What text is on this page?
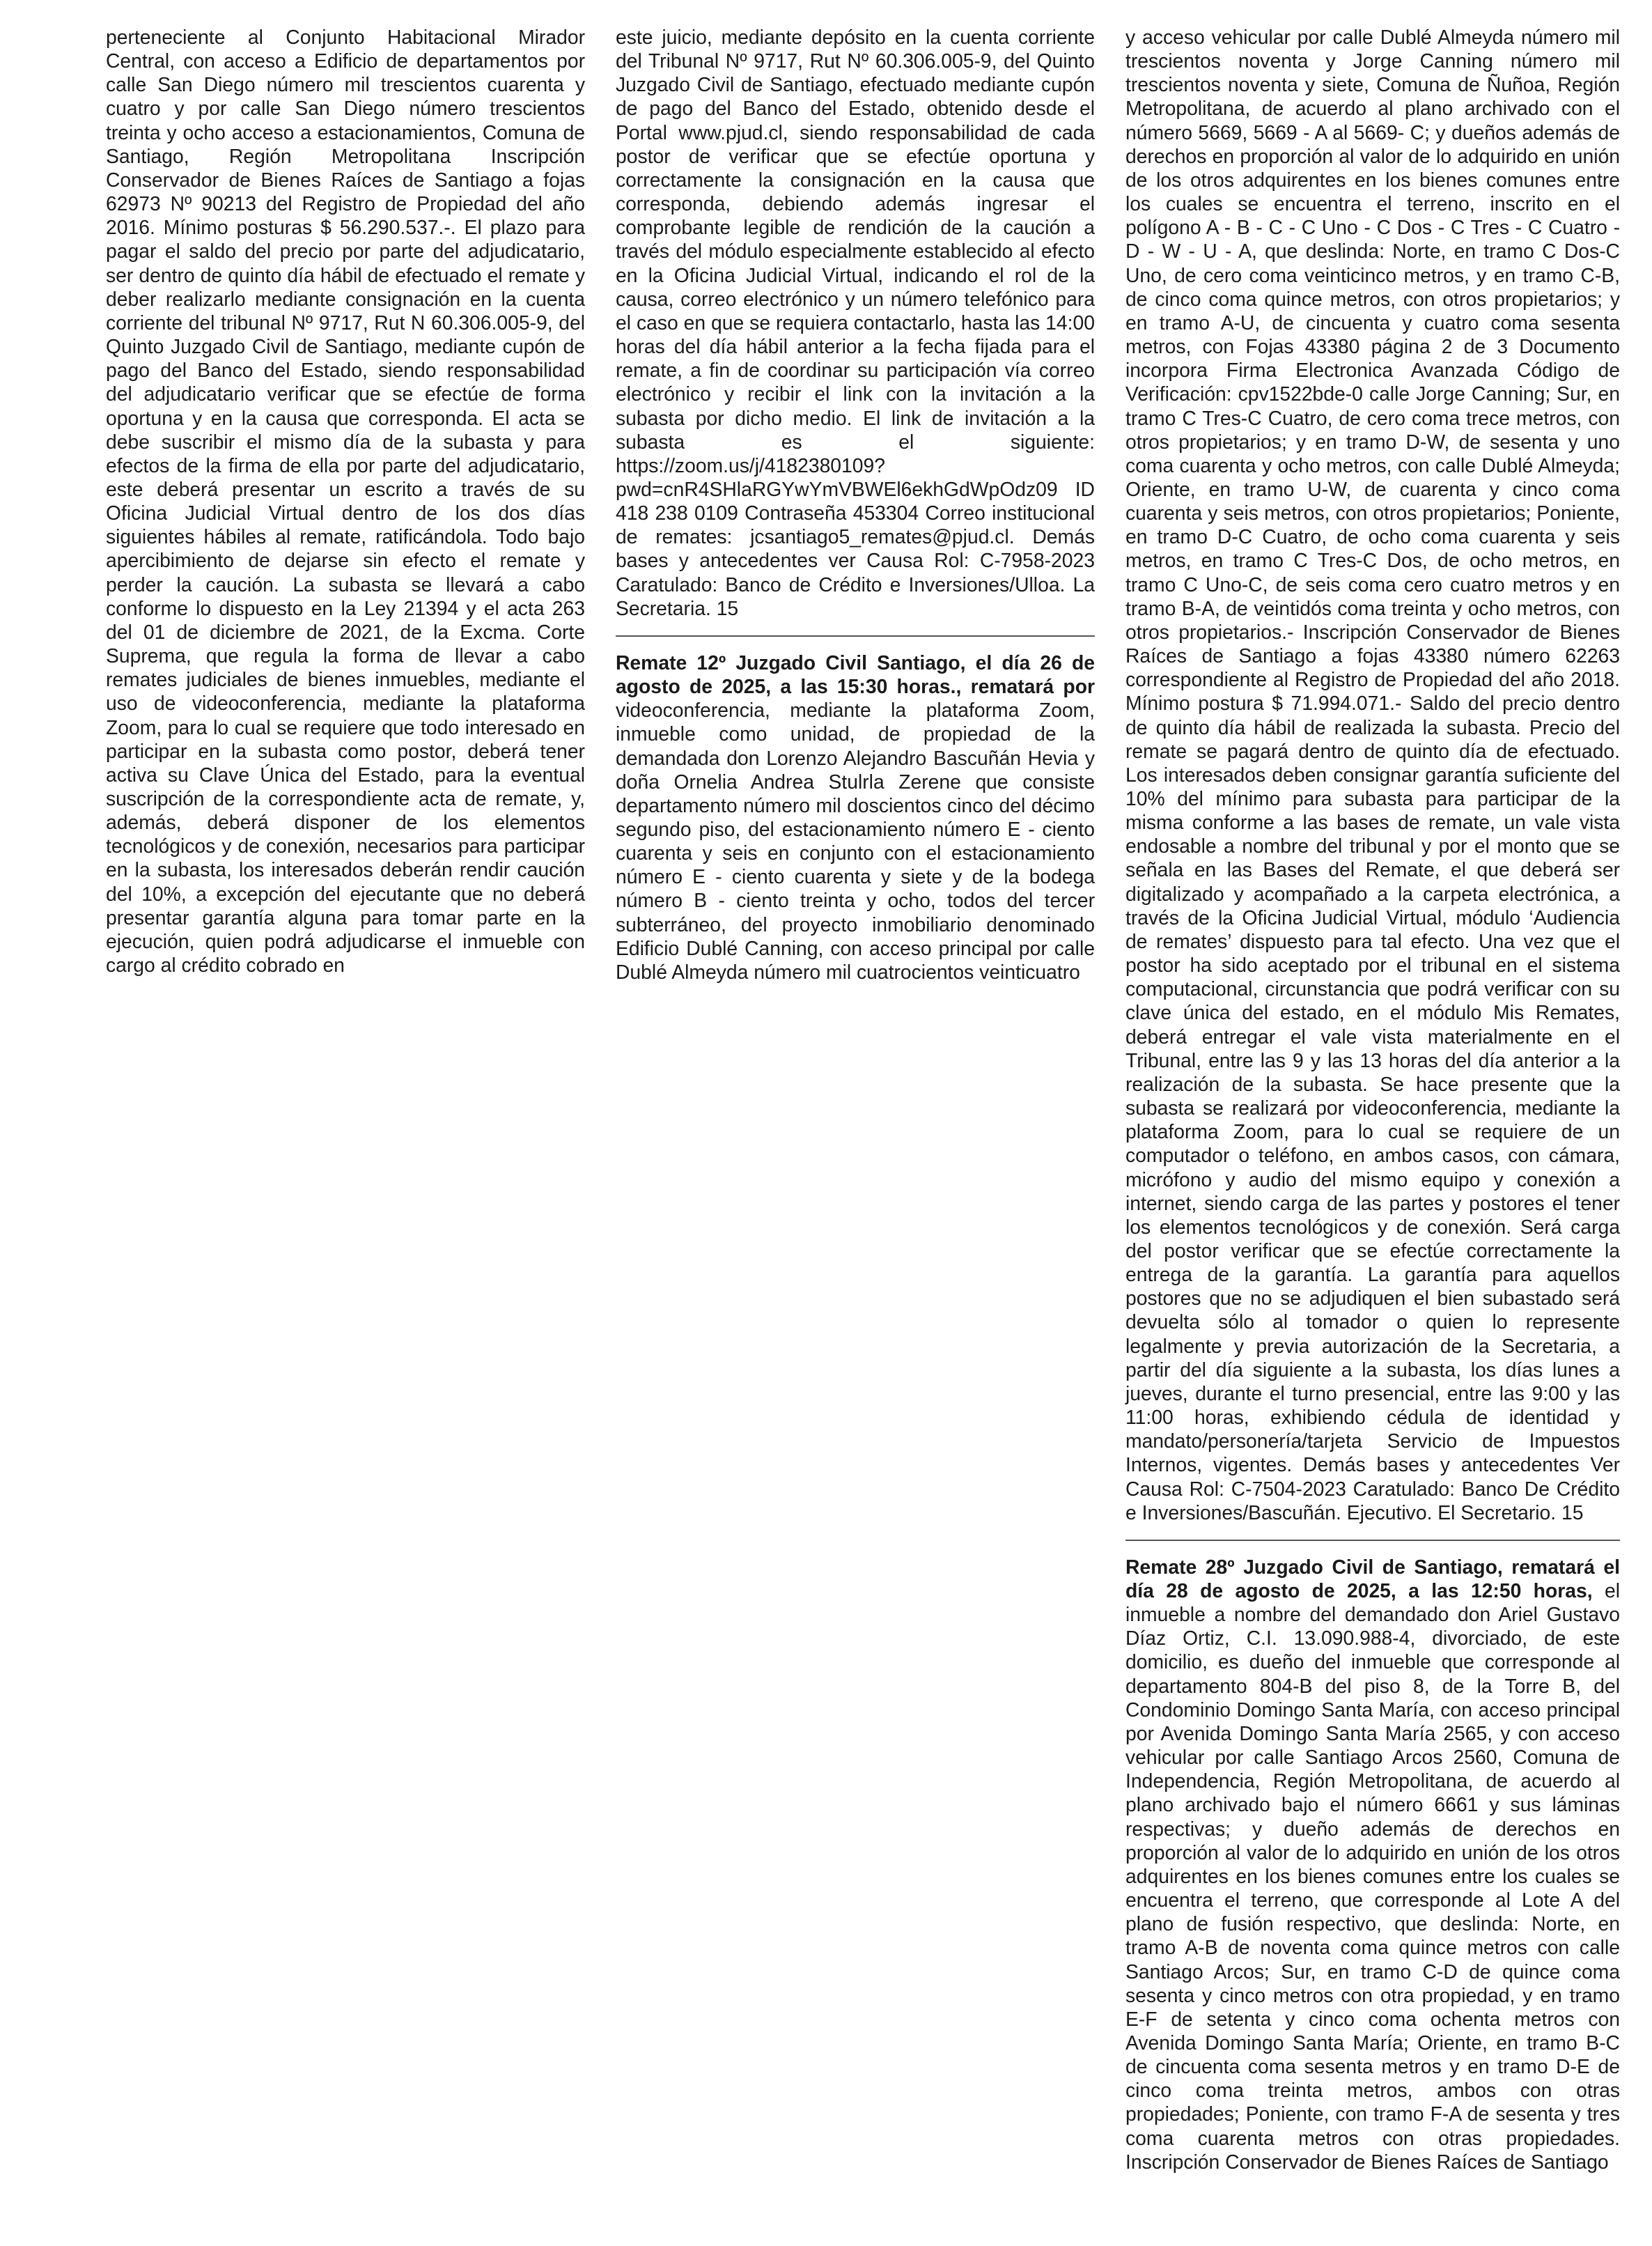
perteneciente al Conjunto Habitacional Mirador Central, con acceso a Edificio de departamentos por calle San Diego número mil trescientos cuarenta y cuatro y por calle San Diego número trescientos treinta y ocho acceso a estacionamientos, Comuna de Santiago, Región Metropolitana Inscripción Conservador de Bienes Raíces de Santiago a fojas 62973 Nº 90213 del Registro de Propiedad del año 2016. Mínimo posturas $ 56.290.537.-. El plazo para pagar el saldo del precio por parte del adjudicatario, ser dentro de quinto día hábil de efectuado el remate y deber realizarlo mediante consignación en la cuenta corriente del tribunal Nº 9717, Rut N 60.306.005-9, del Quinto Juzgado Civil de Santiago, mediante cupón de pago del Banco del Estado, siendo responsabilidad del adjudicatario verificar que se efectúe de forma oportuna y en la causa que corresponda. El acta se debe suscribir el mismo día de la subasta y para efectos de la firma de ella por parte del adjudicatario, este deberá presentar un escrito a través de su Oficina Judicial Virtual dentro de los dos días siguientes hábiles al remate, ratificándola. Todo bajo apercibimiento de dejarse sin efecto el remate y perder la caución. La subasta se llevará a cabo conforme lo dispuesto en la Ley 21394 y el acta 263 del 01 de diciembre de 2021, de la Excma. Corte Suprema, que regula la forma de llevar a cabo remates judiciales de bienes inmuebles, mediante el uso de videoconferencia, mediante la plataforma Zoom, para lo cual se requiere que todo interesado en participar en la subasta como postor, deberá tener activa su Clave Única del Estado, para la eventual suscripción de la correspondiente acta de remate, y, además, deberá disponer de los elementos tecnológicos y de conexión, necesarios para participar en la subasta, los interesados deberán rendir caución del 10%, a excepción del ejecutante que no deberá presentar garantía alguna para tomar parte en la ejecución, quien podrá adjudicarse el inmueble con cargo al crédito cobrado en

este juicio, mediante depósito en la cuenta corriente del Tribunal Nº 9717, Rut Nº 60.306.005-9, del Quinto Juzgado Civil de Santiago, efectuado mediante cupón de pago del Banco del Estado, obtenido desde el Portal www.pjud.cl, siendo responsabilidad de cada postor de verificar que se efectúe oportuna y correctamente la consignación en la causa que corresponda, debiendo además ingresar el comprobante legible de rendición de la caución a través del módulo especialmente establecido al efecto en la Oficina Judicial Virtual, indicando el rol de la causa, correo electrónico y un número telefónico para el caso en que se requiera contactarlo, hasta las 14:00 horas del día hábil anterior a la fecha fijada para el remate, a fin de coordinar su participación vía correo electrónico y recibir el link con la invitación a la subasta por dicho medio. El link de invitación a la subasta es el siguiente: https://zoom.us/j/4182380109?pwd=cnR4SHlaRGYwYmVBWEl6ekhGdWpOdz09 ID 418 238 0109 Contraseña 453304 Correo institucional de remates: jcsantiago5_remates@pjud.cl. Demás bases y antecedentes ver Causa Rol: C-7958-2023 Caratulado: Banco de Crédito e Inversiones/Ulloa. La Secretaria. 15

Remate 12º Juzgado Civil Santiago, el día 26 de agosto de 2025, a las 15:30 horas., rematará por videoconferencia, mediante la plataforma Zoom, inmueble como unidad, de propiedad de la demandada don Lorenzo Alejandro Bascuñán Hevia y doña Ornelia Andrea Stulrla Zerene que consiste departamento número mil doscientos cinco del décimo segundo piso, del estacionamiento número E - ciento cuarenta y seis en conjunto con el estacionamiento número E - ciento cuarenta y siete y de la bodega número B - ciento treinta y ocho, todos del tercer subterráneo, del proyecto inmobiliario denominado Edificio Dublé Canning, con acceso principal por calle Dublé Almeyda número mil cuatrocientos veinticuatro

y acceso vehicular por calle Dublé Almeyda número mil trescientos noventa y Jorge Canning número mil trescientos noventa y siete, Comuna de Ñuñoa, Región Metropolitana, de acuerdo al plano archivado con el número 5669, 5669 - A al 5669- C; y dueños además de derechos en proporción al valor de lo adquirido en unión de los otros adquirentes en los bienes comunes entre los cuales se encuentra el terreno, inscrito en el polígono A - B - C - C Uno - C Dos - C Tres - C Cuatro - D - W - U - A, que deslinda: Norte, en tramo C Dos-C Uno, de cero coma veinticinco metros, y en tramo C-B, de cinco coma quince metros, con otros propietarios; y en tramo A-U, de cincuenta y cuatro coma sesenta metros, con Fojas 43380 página 2 de 3 Documento incorpora Firma Electronica Avanzada Código de Verificación: cpv1522bde-0 calle Jorge Canning; Sur, en tramo C Tres-C Cuatro, de cero coma trece metros, con otros propietarios; y en tramo D-W, de sesenta y uno coma cuarenta y ocho metros, con calle Dublé Almeyda; Oriente, en tramo U-W, de cuarenta y cinco coma cuarenta y seis metros, con otros propietarios; Poniente, en tramo D-C Cuatro, de ocho coma cuarenta y seis metros, en tramo C Tres-C Dos, de ocho metros, en tramo C Uno-C, de seis coma cero cuatro metros y en tramo B-A, de veintidós coma treinta y ocho metros, con otros propietarios.- Inscripción Conservador de Bienes Raíces de Santiago a fojas 43380 número 62263 correspondiente al Registro de Propiedad del año 2018. Mínimo postura $ 71.994.071.- Saldo del precio dentro de quinto día hábil de realizada la subasta. Precio del remate se pagará dentro de quinto día de efectuado. Los interesados deben consignar garantía suficiente del 10% del mínimo para subasta para participar de la misma conforme a las bases de remate, un vale vista endosable a nombre del tribunal y por el monto que se señala en las Bases del Remate, el que deberá ser digitalizado y acompañado a la carpeta electrónica, a través de la Oficina Judicial Virtual, módulo ‘Audiencia de remates’ dispuesto para tal efecto. Una vez que el postor ha sido aceptado por el tribunal en el sistema computacional, circunstancia que podrá verificar con su clave única del estado, en el módulo Mis Remates, deberá entregar el vale vista materialmente en el Tribunal, entre las 9 y las 13 horas del día anterior a la realización de la subasta. Se hace presente que la subasta se realizará por videoconferencia, mediante la plataforma Zoom, para lo cual se requiere de un computador o teléfono, en ambos casos, con cámara, micrófono y audio del mismo equipo y conexión a internet, siendo carga de las partes y postores el tener los elementos tecnológicos y de conexión. Será carga del postor verificar que se efectúe correctamente la entrega de la garantía. La garantía para aquellos postores que no se adjudiquen el bien subastado será devuelta sólo al tomador o quien lo represente legalmente y previa autorización de la Secretaria, a partir del día siguiente a la subasta, los días lunes a jueves, durante el turno presencial, entre las 9:00 y las 11:00 horas, exhibiendo cédula de identidad y mandato/personería/tarjeta Servicio de Impuestos Internos, vigentes. Demás bases y antecedentes Ver Causa Rol: C-7504-2023 Caratulado: Banco De Crédito e Inversiones/Bascuñán. Ejecutivo. El Secretario. 15

Remate 28º Juzgado Civil de Santiago, rematará el día 28 de agosto de 2025, a las 12:50 horas, el inmueble a nombre del demandado don Ariel Gustavo Díaz Ortiz, C.I. 13.090.988-4, divorciado, de este domicilio, es dueño del inmueble que corresponde al departamento 804-B del piso 8, de la Torre B, del Condominio Domingo Santa María, con acceso principal por Avenida Domingo Santa María 2565, y con acceso vehicular por calle Santiago Arcos 2560, Comuna de Independencia, Región Metropolitana, de acuerdo al plano archivado bajo el número 6661 y sus láminas respectivas; y dueño además de derechos en proporción al valor de lo adquirido en unión de los otros adquirentes en los bienes comunes entre los cuales se encuentra el terreno, que corresponde al Lote A del plano de fusión respectivo, que deslinda: Norte, en tramo A-B de noventa coma quince metros con calle Santiago Arcos; Sur, en tramo C-D de quince coma sesenta y cinco metros con otra propiedad, y en tramo E-F de setenta y cinco coma ochenta metros con Avenida Domingo Santa María; Oriente, en tramo B-C de cincuenta coma sesenta metros y en tramo D-E de cinco coma treinta metros, ambos con otras propiedades; Poniente, con tramo F-A de sesenta y tres coma cuarenta metros con otras propiedades. Inscripción Conservador de Bienes Raíces de Santiago
